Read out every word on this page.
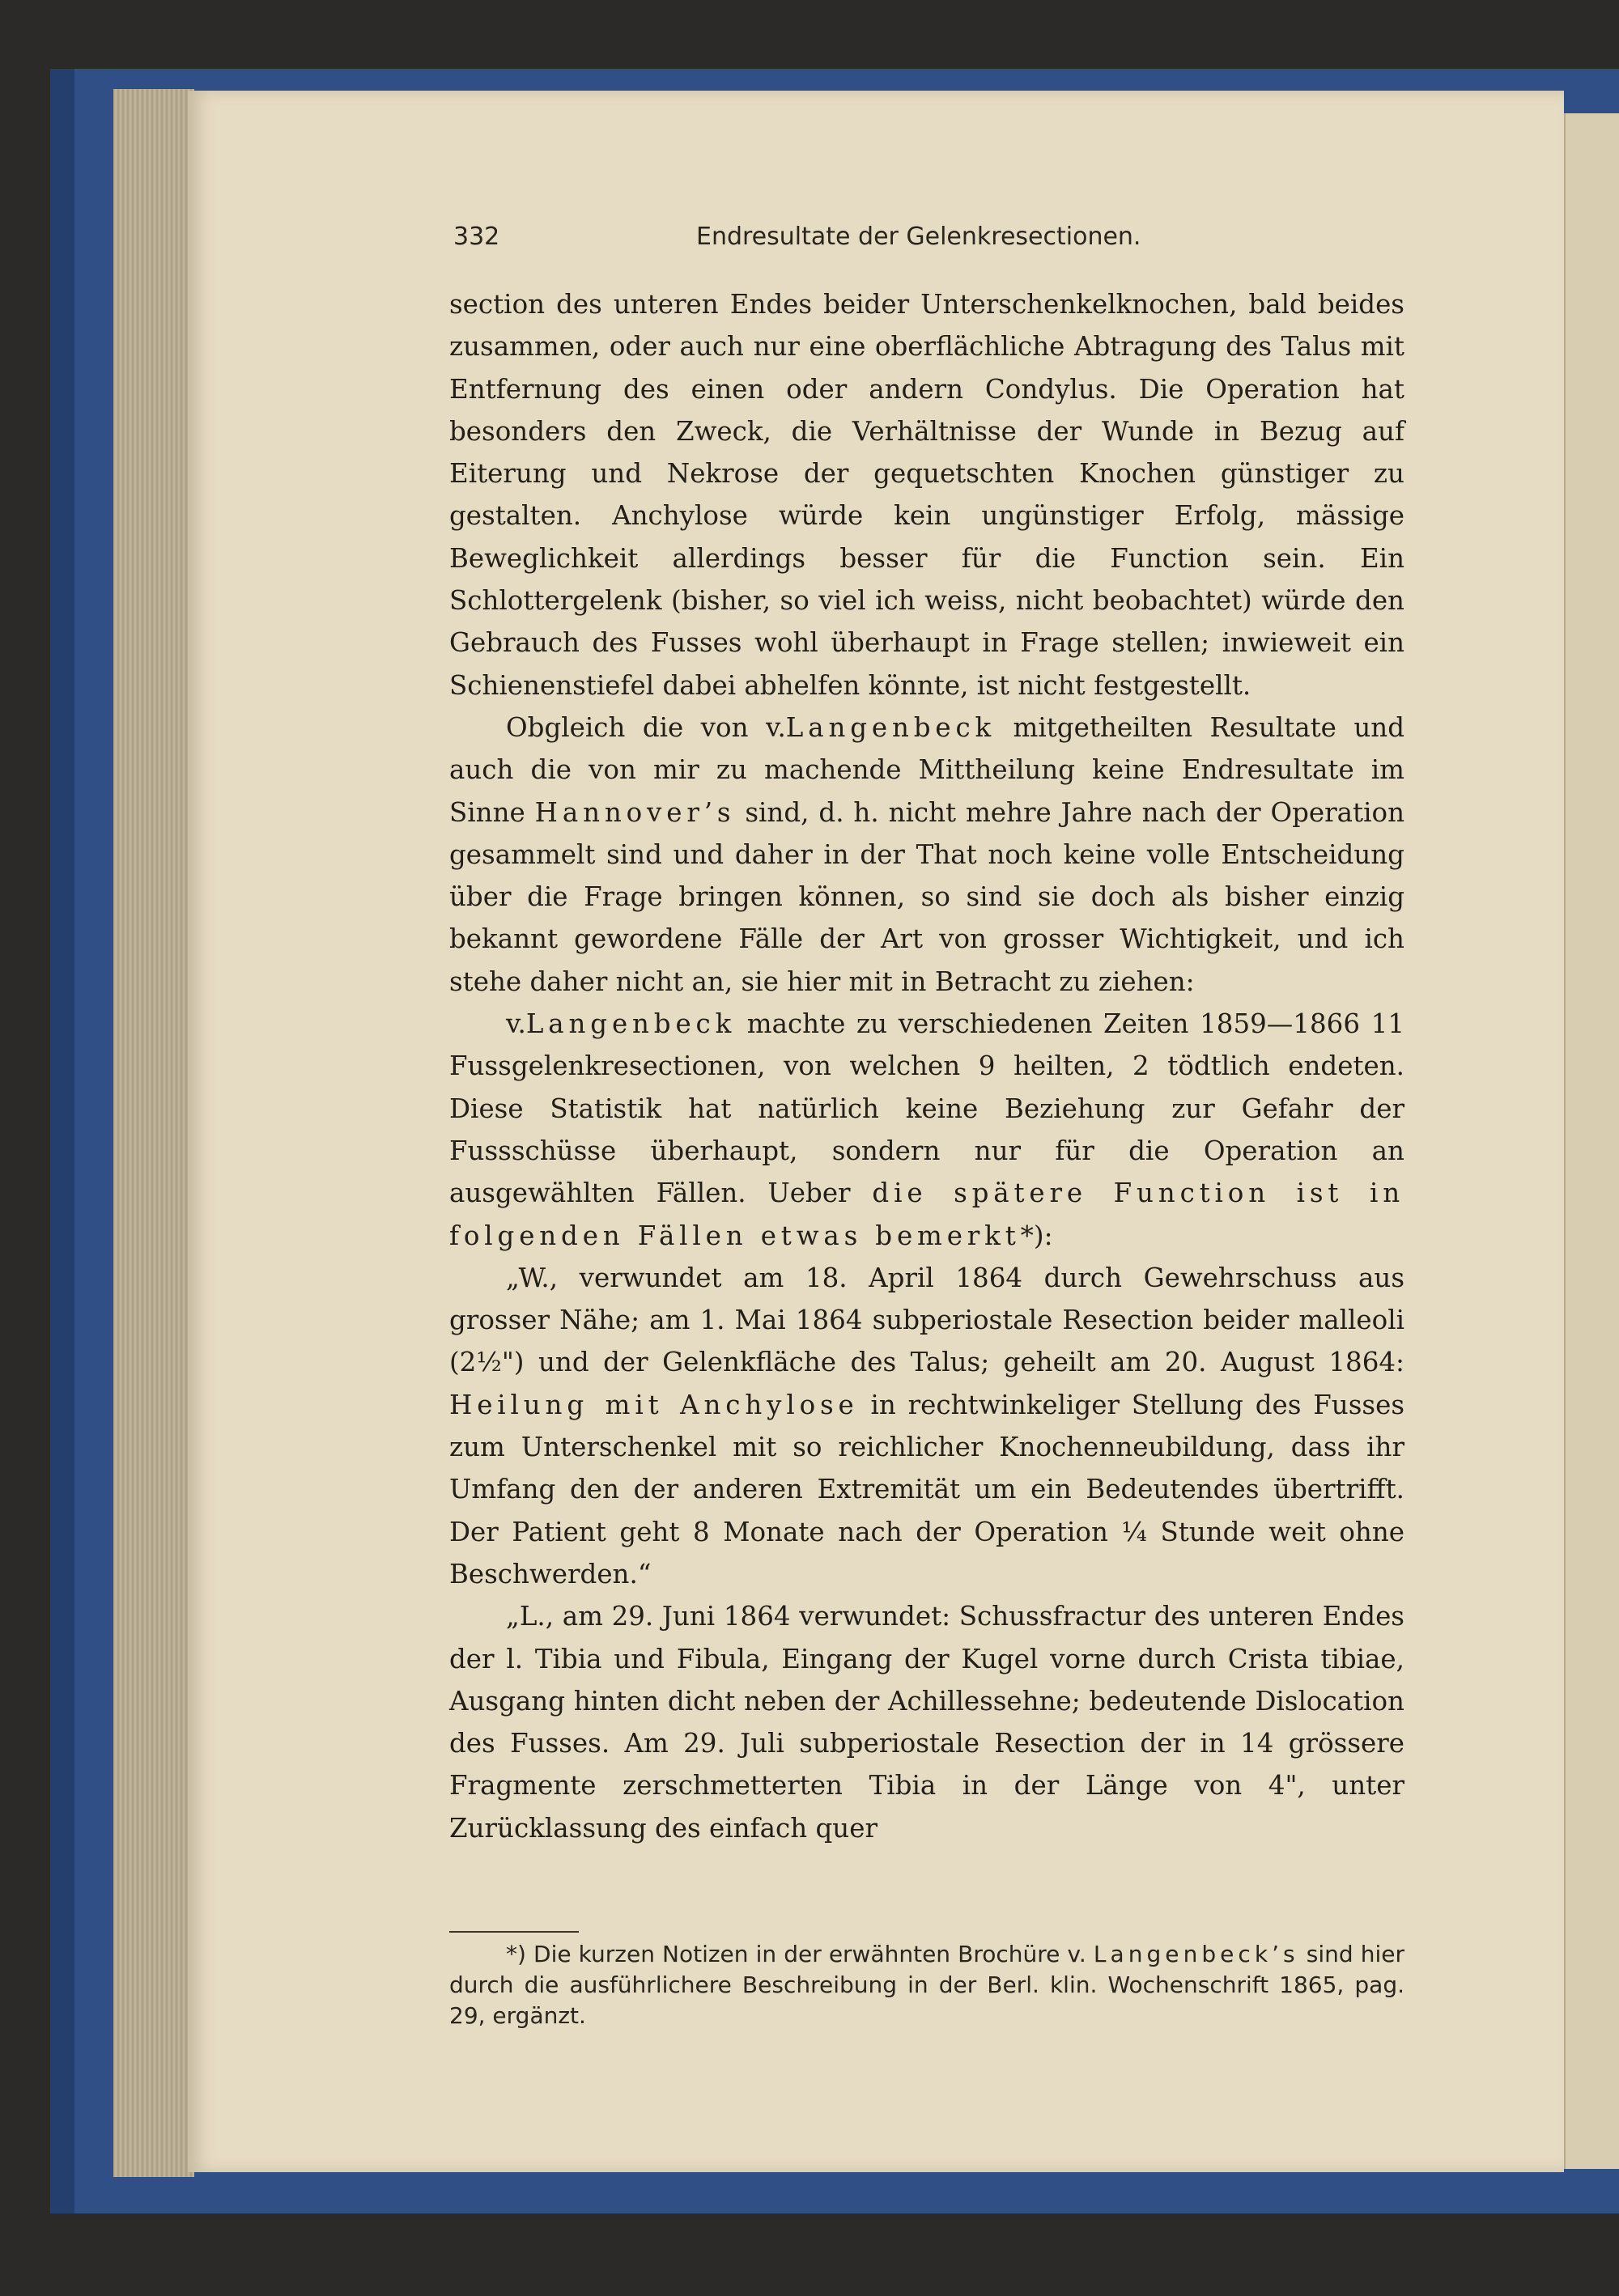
332	Endresultate der Gelenkresectionen.

section des unteren Endes beider Unterschenkelknochen, bald beides zusammen, oder auch nur eine oberflächliche Abtragung des Talus mit Entfernung des einen oder andern Condylus. Die Operation hat besonders den Zweck, die Verhältnisse der Wunde in Bezug auf Eiterung und Nekrose der gequetschten Knochen günstiger zu gestalten. Anchylose würde kein ungünstiger Erfolg, mässige Beweglichkeit allerdings besser für die Function sein. Ein Schlottergelenk (bisher, so viel ich weiss, nicht beobachtet) würde den Gebrauch des Fusses wohl überhaupt in Frage stellen; inwieweit ein Schienenstiefel dabei abhelfen könnte, ist nicht festgestellt.

Obgleich die von v.Langenbeck mitgetheilten Resultate und auch die von mir zu machende Mittheilung keine Endresultate im Sinne Hannover’s sind, d. h. nicht mehre Jahre nach der Operation gesammelt sind und daher in der That noch keine volle Entscheidung über die Frage bringen können, so sind sie doch als bisher einzig bekannt gewordene Fälle der Art von grosser Wichtigkeit, und ich stehe daher nicht an, sie hier mit in Betracht zu ziehen:

v.Langenbeck machte zu verschiedenen Zeiten 1859—1866 11 Fussgelenkresectionen, von welchen 9 heilten, 2 tödtlich endeten. Diese Statistik hat natürlich keine Beziehung zur Gefahr der Fussschüsse überhaupt, sondern nur für die Operation an ausgewählten Fällen. Ueber die spätere Function ist in folgenden Fällen etwas bemerkt*):

„W., verwundet am 18. April 1864 durch Gewehrschuss aus grosser Nähe; am 1. Mai 1864 subperiostale Resection beider malleoli (2½") und der Gelenkfläche des Talus; geheilt am 20. August 1864: Heilung mit Anchylose in rechtwinkeliger Stellung des Fusses zum Unterschenkel mit so reichlicher Knochenneubildung, dass ihr Umfang den der anderen Extremität um ein Bedeutendes übertrifft. Der Patient geht 8 Monate nach der Operation ¼ Stunde weit ohne Beschwerden.“

„L., am 29. Juni 1864 verwundet: Schussfractur des unteren Endes der l. Tibia und Fibula, Eingang der Kugel vorne durch Crista tibiae, Ausgang hinten dicht neben der Achillessehne; bedeutende Dislocation des Fusses. Am 29. Juli subperiostale Resection der in 14 grössere Fragmente zerschmetterten Tibia in der Länge von 4", unter Zurücklassung des einfach quer

*) Die kurzen Notizen in der erwähnten Brochüre v. Langenbeck’s sind hier durch die ausführlichere Beschreibung in der Berl. klin. Wochenschrift 1865, pag. 29, ergänzt.
